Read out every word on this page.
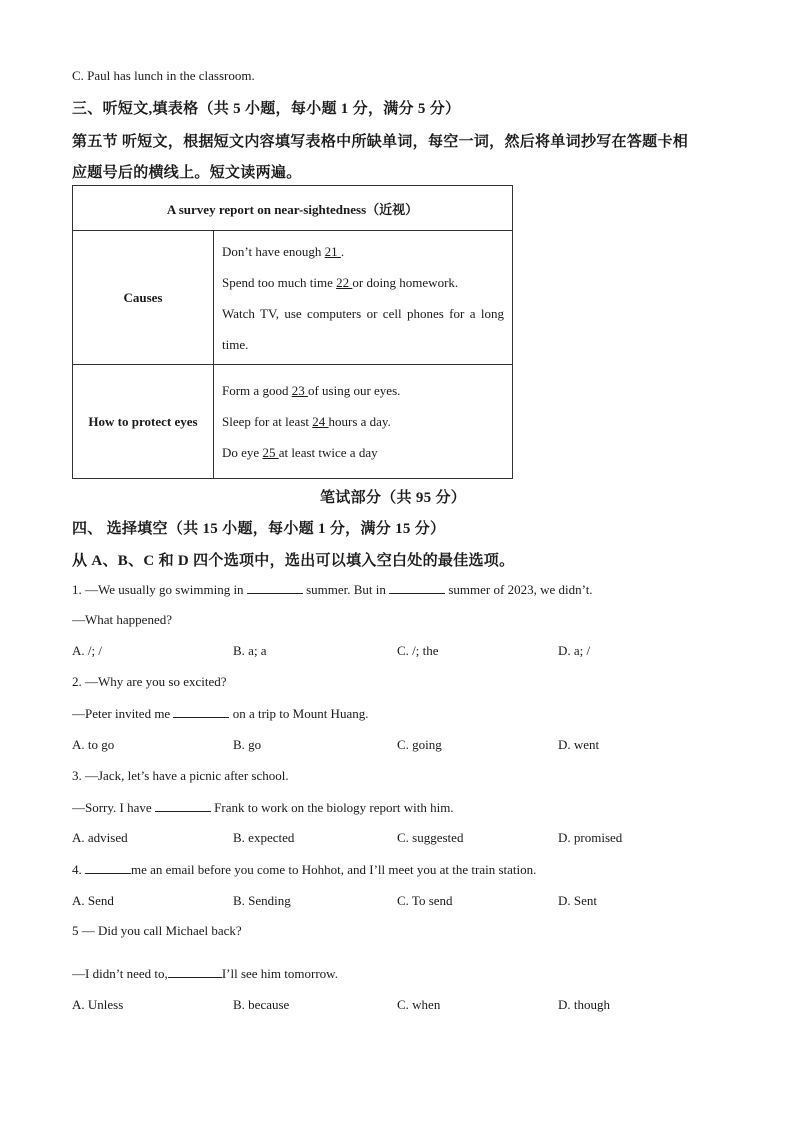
C. Paul has lunch in the classroom.
三、听短文,填表格（共 5 小题，每小题 1 分，满分 5 分）
第五节 听短文，根据短文内容填写表格中所缺单词，每空一词，然后将单词抄写在答题卡相
应题号后的横线上。短文读两遍。
A survey report on near-sightedness（近视）	
Causes	Don’t have enough 21 .
Spend too much time 22 or doing homework.
Watch TV, use computers or cell phones for a long time.

How to protect eyes	Form a good 23 of using our eyes.
Sleep for at least 24 hours a day.
Do eye 25 at least twice a day
笔试部分（共 95 分）
四、 选择填空（共 15 小题，每小题 1 分，满分 15 分）
从 A、B、C 和 D 四个选项中，选出可以填入空白处的最佳选项。
1. —We usually go swimming in	summer. But in	summer of 2023, we didn’t.
—What happened?
A. /; /	B. a; a	C. /; the	D. a; /
2. —Why are you so excited?
—Peter invited me	on a trip to Mount Huang.
A. to go	B. go	C. going	D. went
3. —Jack, let’s have a picnic after school.
—Sorry. I have	Frank to work on the biology report with him.
A. advised	B. expected	C. suggested	D. promised
4.	me an email before you come to Hohhot, and I’ll meet you at the train station.
A. Send	B. Sending	C. To send	D. Sent
5 — Did you call Michael back?
—I didn’t need to,	I’ll see him tomorrow.
A. Unless	B. because	C. when	D. though
